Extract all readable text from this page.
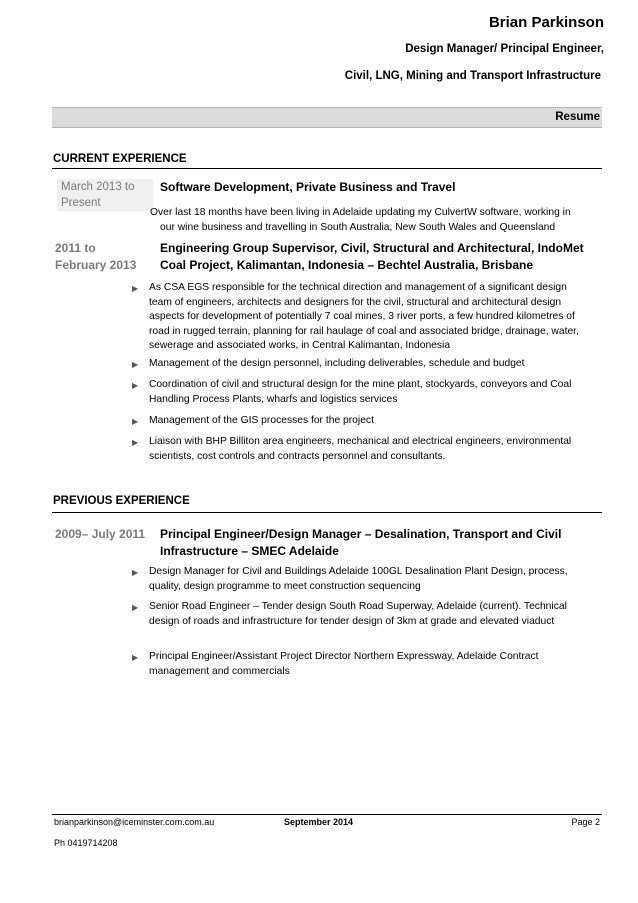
Brian Parkinson
Design Manager/ Principal Engineer,
Civil, LNG, Mining and Transport Infrastructure
Resume
CURRENT EXPERIENCE
March 2013 to
Present
Software Development, Private Business and Travel
Over last 18 months have been living in Adelaide updating my CulvertW software, working in
our wine business and travelling in South Australia, New South Wales and Queensland
2011 to
February 2013
Engineering Group Supervisor, Civil, Structural and Architectural, IndoMet Coal Project, Kalimantan, Indonesia – Bechtel Australia, Brisbane
▶ As CSA EGS responsible for the technical direction and management of a significant design team of engineers, architects and designers for the civil, structural and architectural design aspects for development of potentially 7 coal mines, 3 river ports, a few hundred kilometres of road in rugged terrain, planning for rail haulage of coal and associated bridge, drainage, water, sewerage and associated works, in Central Kalimantan, Indonesia
▶ Management of the design personnel, including deliverables, schedule and budget
▶ Coordination of civil and structural design for the mine plant, stockyards, conveyors and Coal Handling Process Plants, wharfs and logistics services
▶ Management of the GIS processes for the project
▶ Liaison with BHP Billiton area engineers, mechanical and electrical engineers, environmental scientists, cost controls and contracts personnel and consultants.
PREVIOUS EXPERIENCE
2009– July 2011	Principal Engineer/Design Manager – Desalination, Transport and Civil Infrastructure – SMEC Adelaide
▶ Design Manager for Civil and Buildings Adelaide 100GL Desalination Plant Design, process, quality, design programme to meet construction sequencing
▶ Senior Road Engineer – Tender design South Road Superway, Adelaide (current). Technical design of roads and infrastructure for tender design of 3km at grade and elevated viaduct
▶ Principal Engineer/Assistant Project Director Northern Expressway, Adelaide Contract management and commercials
brianparkinson@iceminster.com.com.au	September 2014	Page 2
Ph 0419714208
